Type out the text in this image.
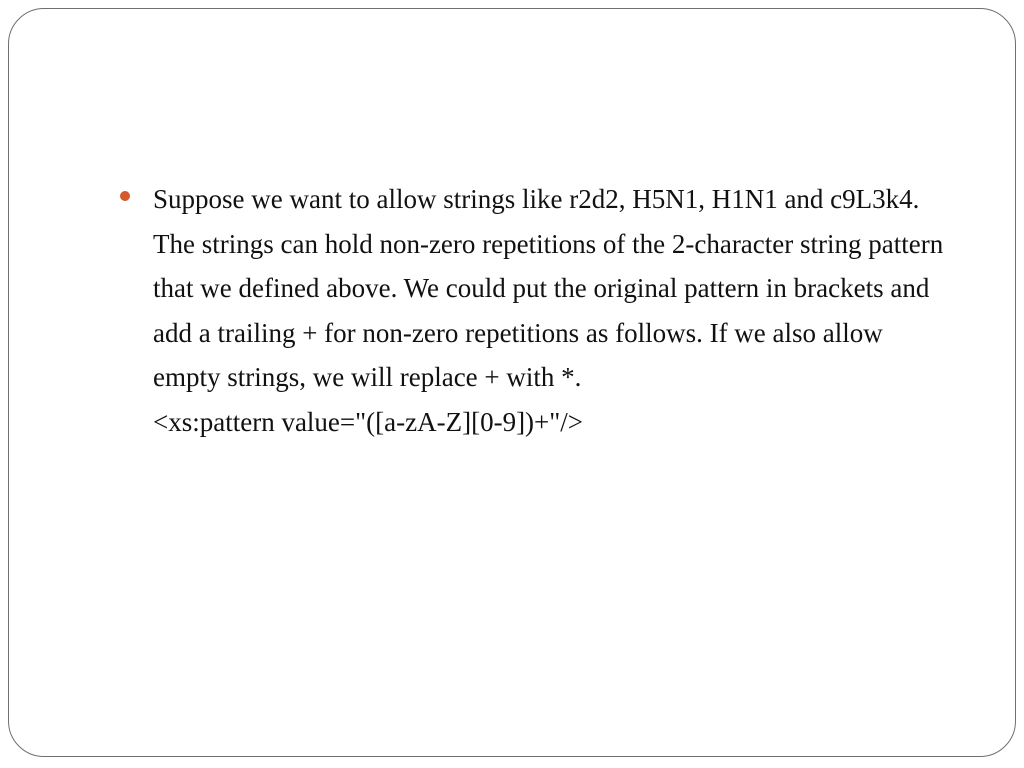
Suppose we want to allow strings like r2d2, H5N1, H1N1 and c9L3k4. The strings can hold non-zero repetitions of the 2-character string pattern that we defined above. We could put the original pattern in brackets and add a trailing + for non-zero repetitions as follows. If we also allow empty strings, we will replace + with *.
<xs:pattern value="([a-zA-Z][0-9])+"/>
